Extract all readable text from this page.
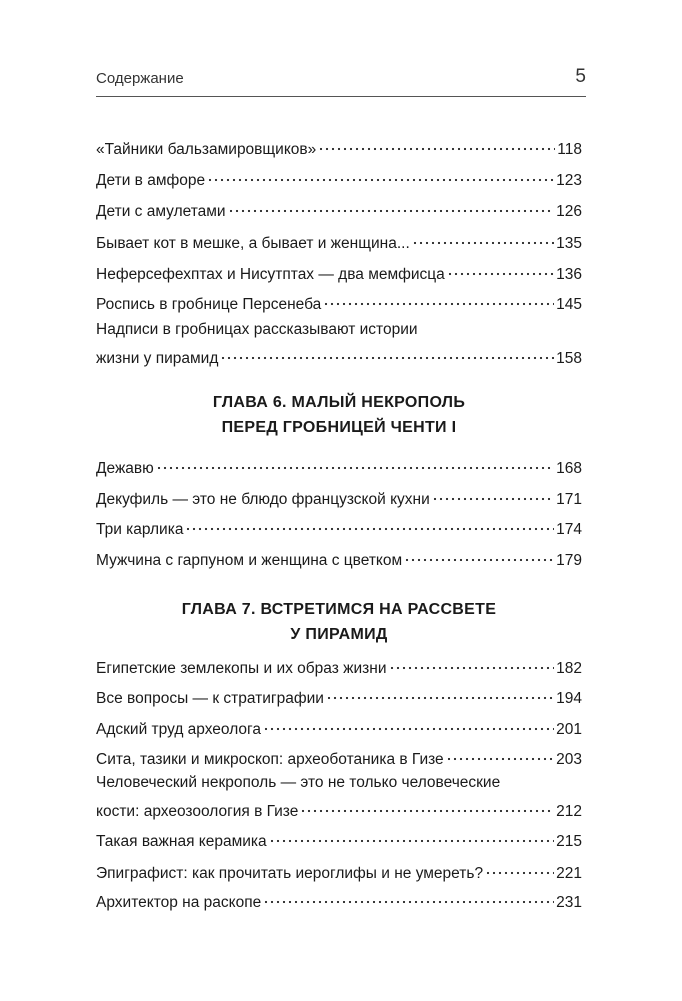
Содержание	5
«Тайники бальзамировщиков»	118
Дети в амфоре	123
Дети с амулетами	126
Бывает кот в мешке, а бывает и женщина...	135
Неферсефехптах и Нисутптах — два мемфисца	136
Роспись в гробнице Персенеба	145
Надписи в гробницах рассказывают истории
жизни у пирамид	158
ГЛАВА 6. МАЛЫЙ НЕКРОПОЛЬ
ПЕРЕД ГРОБНИЦЕЙ ЧЕНТИ I
Дежавю	168
Декуфиль — это не блюдо французской кухни	171
Три карлика	174
Мужчина с гарпуном и женщина с цветком	179
ГЛАВА 7. ВСТРЕТИМСЯ НА РАССВЕТЕ
У ПИРАМИД
Египетские землекопы и их образ жизни	182
Все вопросы — к стратиграфии	194
Адский труд археолога	201
Сита, тазики и микроскоп: археоботаника в Гизе	203
Человеческий некрополь — это не только человеческие
кости: археозоология в Гизе	212
Такая важная керамика	215
Эпиграфист: как прочитать иероглифы и не умереть?	221
Архитектор на раскопе	231
